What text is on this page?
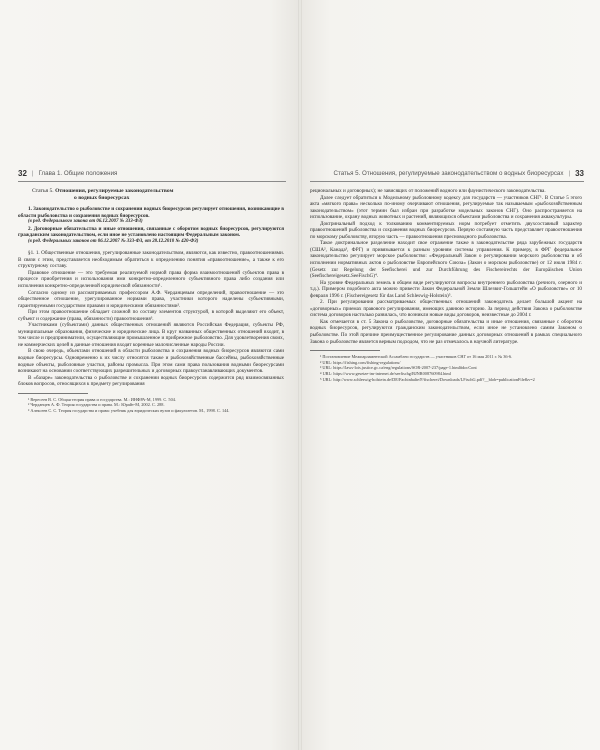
32 | Глава 1. Общие положения
Статья 5. Отношения, регулируемые законодательством
о водных биоресурсах

1. Законодательство о рыболовстве и сохранении водных биоресурсов регулирует отношения, возникающие в области рыболовства и сохранения водных биоресурсов.

(в ред. Федерального закона от 06.12.2007 № 333-ФЗ)

2. Договорные обязательства и иные отношения, связанные с оборотом водных биоресурсов, регулируются гражданским законодательством, если иное не установлено настоящим Федеральным законом.

(в ред. Федеральных законов от 06.12.2007 № 333-ФЗ, от 28.12.2010 № 420-ФЗ)

§1. 1. Общественные отношения, урегулированные законодательством, являются, как известно, правоотношениями. В связи с этим, представляется необходимым обратиться к определению понятия «правоотношение», а также к его структурному составу.

Правовое отношение — это требуемая реализуемой нормой права форма взаимоотношений субъектов права в процессе приобретения и использования ими конкретно-определенного субъективного права либо создания или исполнения конкретно-определенной юридической обязанности¹.

Согласно одному из рассматриваемых профессором А.Ф. Черданцевым определений, правоотношение — это общественное отношение, урегулированное нормами права, участники которого наделены субъективными, гарантируемыми государством правами и юридическими обязанностями².

При этом правоотношение обладает сложной по составу элементов структурой, в которой выделяют его объект, субъект и содержание (права, обязанности) правоотношения³.

Участниками (субъектами) данных общественных отношений являются Российская Федерация, субъекты РФ, муниципальные образования, физические и юридические лица. В круг названных общественных отношений входит, в том числе и предприниматели, осуществляющие промышленное и прибрежное рыболовство. Для удовлетворения своих, не коммерческих целей в данные отношения входят коренные малочисленные народы России.

В свою очередь, объектами отношений в области рыболовства и сохранения водных биоресурсов являются сами водные биоресурсы. Одновременно к их числу относятся также и рыбохозяйственные бассейны, рыбохозяйственные водные объекты, рыболовные участки, районы промысла. При этом сами права пользования водными биоресурсами возникают на основании соответствующих разрешительных и договорных правоустанавливающих документов.

В «базаре» законодательства о рыболовстве и сохранении водных биоресурсов содержится ряд взаимосвязанных блоков вопросов, относящихся к предмету регулирования

¹ Вересеев В. С. Общая теория права и государства. М.: ИНФРА-М, 1999. С. 504.

² Черданцев А. Ф. Теория государства и права. М.: Юрайт-М, 2002. С. 288.

³ Алексеев С. С. Теория государства и права: учебник для юридических вузов и факультетов. М., 1998. С. 144.

Статья 5. Отношения, регулируемые законодательством о водных биоресурсах | 33

рециональных и договорных); не зависящих от положений водного или фаунистического законодательства.

Далее следует обратиться к Модельному рыболовному кодексу для государств — участников СНГ¹. В Статье 5 этого акта «мягкого права» несколько по-иному очерчивают отношения, регулируемые так называемым «рыбохозяйственным законодательством» (этот термин был избран при разработке модельных законов СНГ). Оно распространяется на использование, охрану водных животных и растений, являющихся объектами рыболовства и сохранения аквакультуры.

Доктринальный подход к толкованию комментируемых норм потребует отметить двухсоставный характер правоотношений рыболовства и сохранения водных биоресурсов. Первую составную часть представляет правоотношения по морскому рыболовству, вторую часть — правоотношения пресноводного рыболовства.

Такое доктринальное разделение находит свое отражение также в законодательстве ряда зарубежных государств (США², Канада³, ФРГ) и привязывается к разным уровням системы управления. К примеру, в ФРГ федеральное законодательство регулирует морское рыболовство: «Федеральный Закон о регулировании морского рыболовства и об исполнении нормативных актов о рыболовстве Европейского Союза» (Закон о морском рыболовстве) от 12 июля 1984 г. (Gesetz zur Regelung der Seefischerei und zur Durchführung des Fischereirechts der Europäischen Union (Seefischereigesetz.SeeFischG)⁴.

На уровне Федеральных земель в общем виде регулируются вопросы внутреннего рыболовства (речного, озерного и т.д.). Примером подобного акта можно привести Закон Федеральной Земли Шлезвиг-Гольштейн «О рыболовстве» от 10 февраля 1996 г. (Fischereigesetz für das Land Schleswig-Holstein)⁵.

2. При регулировании рассматриваемых общественных отношений законодатель делает большой акцент на «договорных» приемах правового регулирования, имеющих давнюю историю. За период действия Закона о рыболовстве система договоров настолько развилась, что возникли новые виды договоров, неизвестные до 2004 г.

Как отмечается в ст. 5 Закона о рыболовстве, договорные обязательства и иные отношения, связанные с оборотом водных биоресурсов, регулируются гражданским законодательством, если иное не установлено самим Законом о рыболовстве. По этой причине преимущественное регулирование данных договорных отношений в рамках специального Закона о рыболовстве является верным подходом, что не раз отмечалось в научной литературе.

¹ Постановление Межпарламентской Ассамблеи государств — участников СНГ от 16 мая 2011 г. № 36-6.

² URL: https://fishing.com/fishing-regulations/

³ URL: https://laws-lois.justice.gc.ca/eng/regulations/SOR-2007-237/page-1.html#docCont

⁴ URL: https://www.gesetze-im-internet.de/seefischg/BJNR008760984.html

⁵ URL: http://www.schleswig-holstein.de/DE/Fachinhalte/F/fischerei/Downloads/LFischG.pdf?__blob=publicationFile&v=2
